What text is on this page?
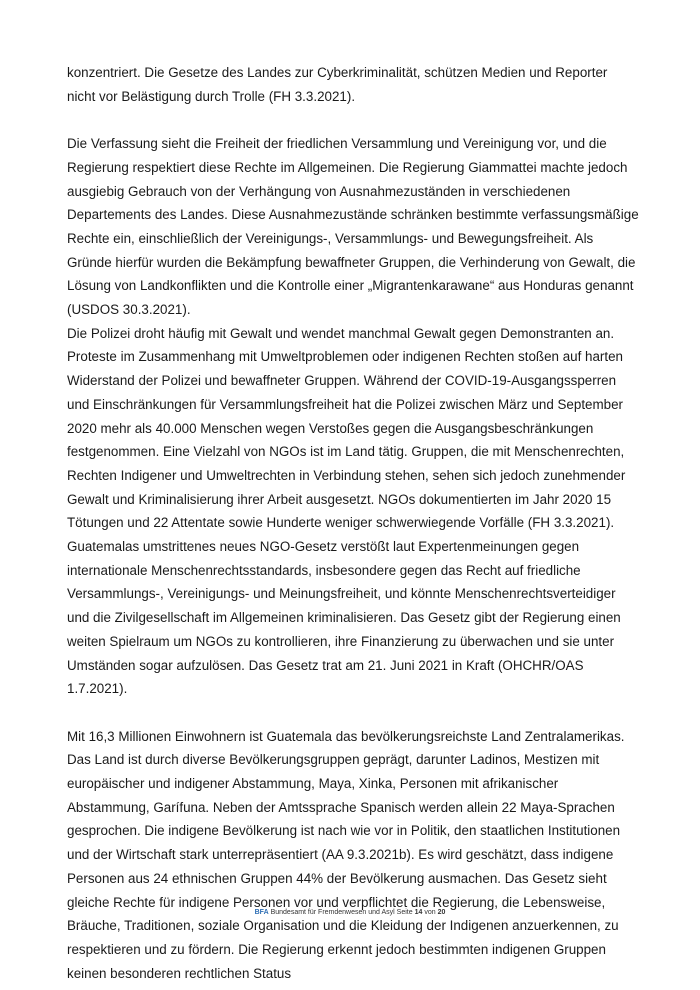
konzentriert. Die Gesetze des Landes zur Cyberkriminalität, schützen Medien und Reporter nicht vor Belästigung durch Trolle (FH 3.3.2021).

Die Verfassung sieht die Freiheit der friedlichen Versammlung und Vereinigung vor, und die Regierung respektiert diese Rechte im Allgemeinen. Die Regierung Giammattei machte jedoch ausgiebig Gebrauch von der Verhängung von Ausnahmezuständen in verschiedenen Departements des Landes. Diese Ausnahmezustände schränken bestimmte verfassungsmäßige Rechte ein, einschließlich der Vereinigungs-, Versammlungs- und Bewegungsfreiheit. Als Gründe hierfür wurden die Bekämpfung bewaffneter Gruppen, die Verhinderung von Gewalt, die Lösung von Landkonflikten und die Kontrolle einer „Migrantenkarawane“ aus Honduras genannt (USDOS 30.3.2021).

Die Polizei droht häufig mit Gewalt und wendet manchmal Gewalt gegen Demonstranten an. Proteste im Zusammenhang mit Umweltproblemen oder indigenen Rechten stoßen auf harten Widerstand der Polizei und bewaffneter Gruppen. Während der COVID-19-Ausgangssperren und Einschränkungen für Versammlungsfreiheit hat die Polizei zwischen März und September 2020 mehr als 40.000 Menschen wegen Verstoßes gegen die Ausgangsbeschränkungen festgenommen. Eine Vielzahl von NGOs ist im Land tätig. Gruppen, die mit Menschenrechten, Rechten Indigener und Umweltrechten in Verbindung stehen, sehen sich jedoch zunehmender Gewalt und Kriminalisierung ihrer Arbeit ausgesetzt. NGOs dokumentierten im Jahr 2020 15 Tötungen und 22 Attentate sowie Hunderte weniger schwerwiegende Vorfälle (FH 3.3.2021). Guatemalas umstrittenes neues NGO-Gesetz verstößt laut Expertenmeinungen gegen internationale Menschenrechtsstandards, insbesondere gegen das Recht auf friedliche Versammlungs-, Vereinigungs- und Meinungsfreiheit, und könnte Menschenrechtsverteidiger und die Zivilgesellschaft im Allgemeinen kriminalisieren. Das Gesetz gibt der Regierung einen weiten Spielraum um NGOs zu kontrollieren, ihre Finanzierung zu überwachen und sie unter Umständen sogar aufzulösen. Das Gesetz trat am 21. Juni 2021 in Kraft (OHCHR/OAS 1.7.2021).

Mit 16,3 Millionen Einwohnern ist Guatemala das bevölkerungsreichste Land Zentralamerikas. Das Land ist durch diverse Bevölkerungsgruppen geprägt, darunter Ladinos, Mestizen mit europäischer und indigener Abstammung, Maya, Xinka, Personen mit afrikanischer Abstammung, Garífuna. Neben der Amtssprache Spanisch werden allein 22 Maya-Sprachen gesprochen. Die indigene Bevölkerung ist nach wie vor in Politik, den staatlichen Institutionen und der Wirtschaft stark unterrepräsentiert (AA 9.3.2021b). Es wird geschätzt, dass indigene Personen aus 24 ethnischen Gruppen 44% der Bevölkerung ausmachen. Das Gesetz sieht gleiche Rechte für indigene Personen vor und verpflichtet die Regierung, die Lebensweise, Bräuche, Traditionen, soziale Organisation und die Kleidung der Indigenen anzuerkennen, zu respektieren und zu fördern. Die Regierung erkennt jedoch bestimmten indigenen Gruppen keinen besonderen rechtlichen Status

BFA Bundesamt für Fremdenwesen und Asyl Seite 14 von 20
